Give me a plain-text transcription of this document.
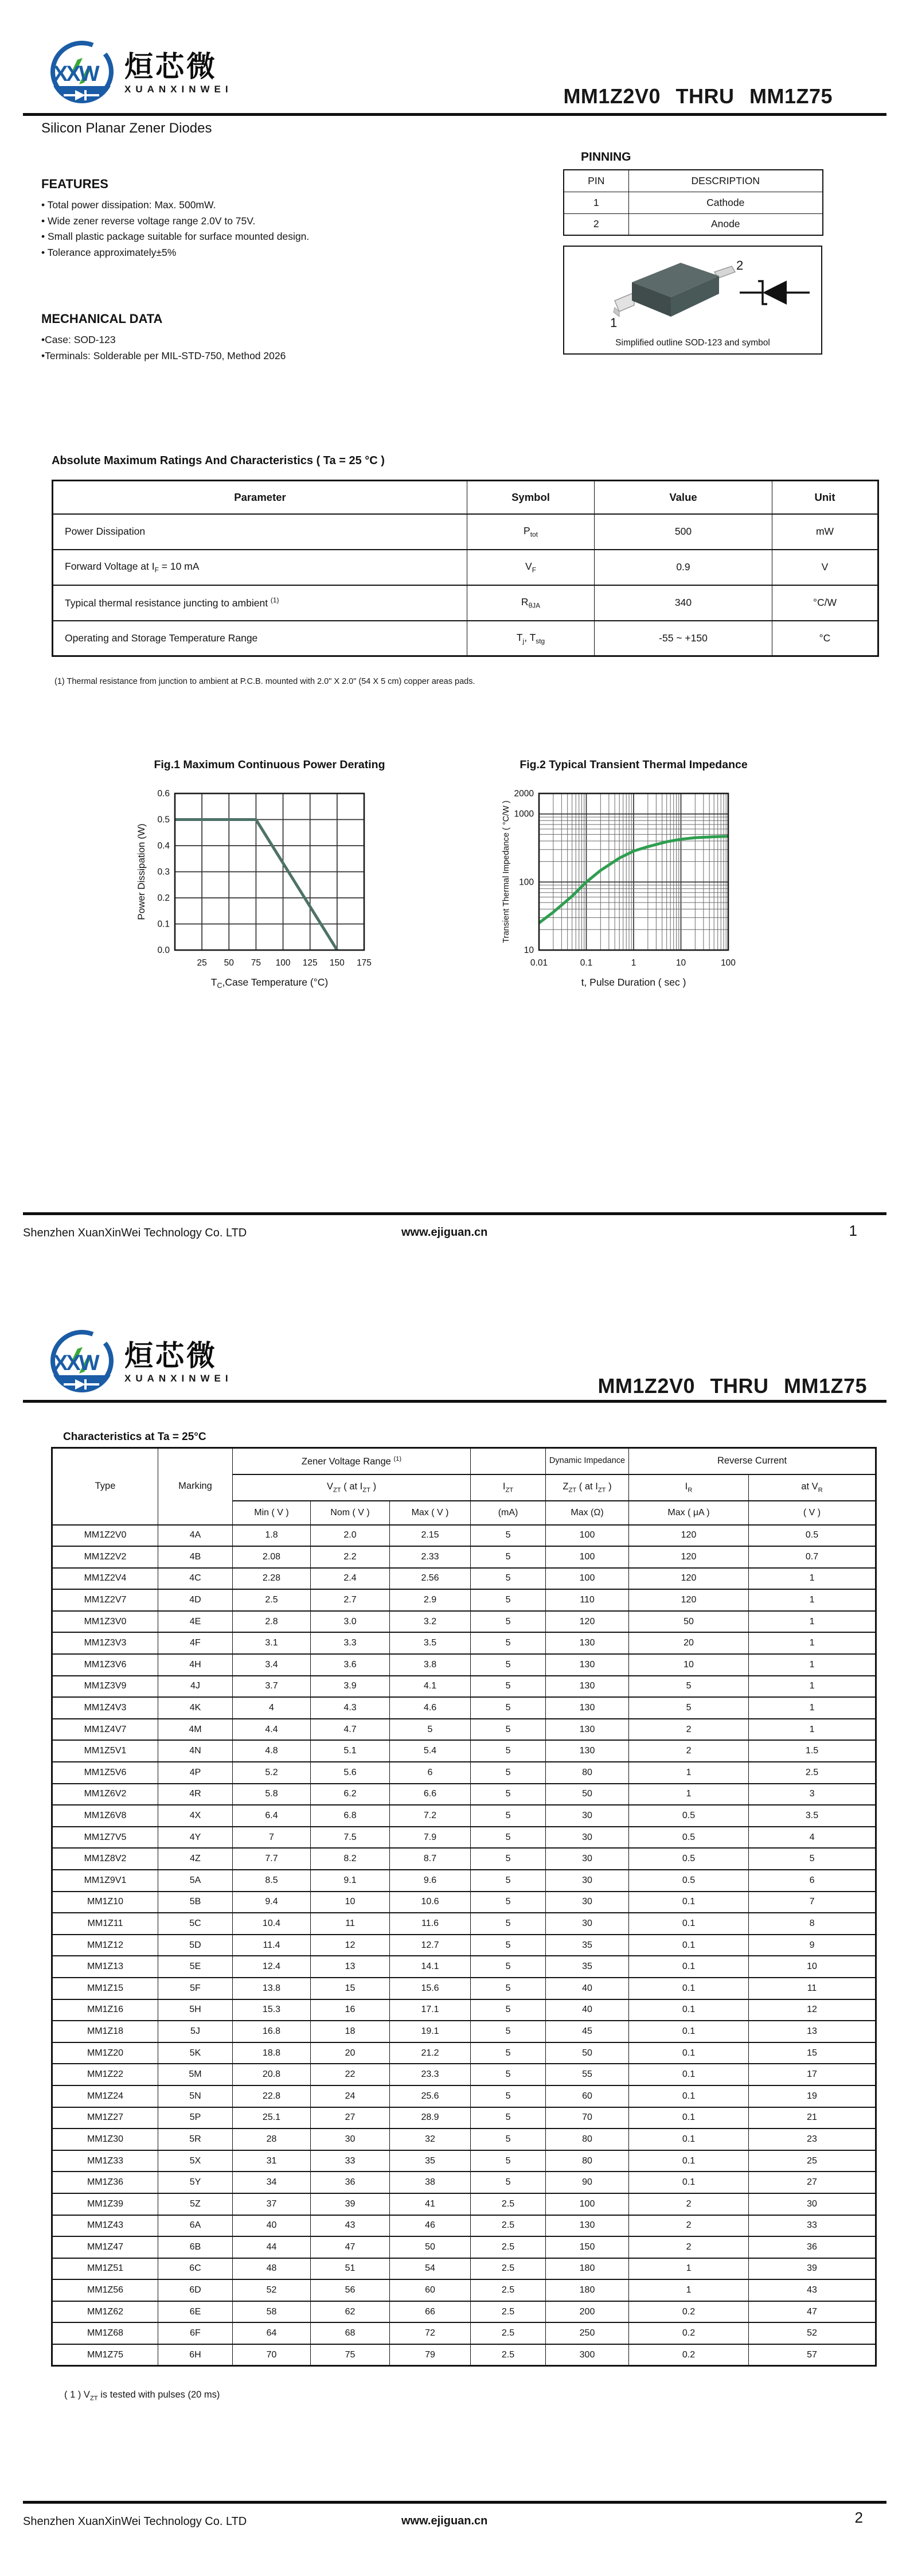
XXW 烜芯微
XUANXINWEI	MM1Z2V0 THRU MM1Z75
Silicon Planar Zener Diodes
FEATURES
• Total power dissipation: Max. 500mW.
• Wide zener reverse voltage range 2.0V to 75V.
• Small plastic package suitable for surface mounted design.
• Tolerance approximately±5%
MECHANICAL DATA
•Case: SOD-123
•Terminals: Solderable per MIL-STD-750, Method 2026
PINNING
PIN	DESCRIPTION
1	Cathode
2	Anode
2
1
Simplified outline SOD-123 and symbol
Absolute Maximum Ratings And Characteristics ( Ta = 25 °C )
Parameter	Symbol	Value	Unit
Power Dissipation	$P_{tot}$	500	mW
Forward Voltage at $I_F = 10$ mA	$V_F$	0.9	V
Typical thermal resistance juncting to ambient $^{(1)}$	$R_{\theta JA}$	340	°C/W
Operating and Storage Temperature Range	$T_j$, $T_{stg}$	-55 ~ +150	°C
(1) Thermal resistance from junction to ambient at P.C.B. mounted with 2.0" X 2.0" (54 X 5 cm) copper areas pads.
Fig.1 Maximum Continuous Power Derating
25 50 75 100 125 150 175
0.0
0.1
0.2
0.3
0.4
0.5
0.6
$T_C,Case$ Temperature (°C)
Power Dissipation (W)
Fig.2 Typical Transient Thermal Impedance
0.01	0.1	1	10	100
10
100
1000
2000
t, Pulse Duration ( sec )
Transient Thermal Impedance ( °C/W )
Shenzhen XuanXinWei Technology Co. LTD	www.ejiguan.cn	1
XXW 烜芯微
XUANXINWEI	MM1Z2V0 THRU MM1Z75
Characteristics at Ta = 25°C
Type	Marking	Zener Voltage Range $^{(1)}$				Dynamic Impedance	Reverse Current	
		$V_{ZT}$ ( at $I_{ZT}$ )			$I_{ZT}$	$Z_{ZT}$ ( at $I_{ZT}$ )	$I_R$	at $V_R$
		Min ( V )	Nom ( V )	Max ( V )	(mA)	Max (Ω)	Max ( μA )	( V )
MM1Z2V0	4A	1.8	2.0	2.15	5	100	120	0.5
MM1Z2V2	4B	2.08	2.2	2.33	5	100	120	0.7
MM1Z2V4	4C	2.28	2.4	2.56	5	100	120	1
MM1Z2V7	4D	2.5	2.7	2.9	5	110	120	1
MM1Z3V0	4E	2.8	3.0	3.2	5	120	50	1
MM1Z3V3	4F	3.1	3.3	3.5	5	130	20	1
MM1Z3V6	4H	3.4	3.6	3.8	5	130	10	1
MM1Z3V9	4J	3.7	3.9	4.1	5	130	5	1
MM1Z4V3	4K	4	4.3	4.6	5	130	5	1
MM1Z4V7	4M	4.4	4.7	5	5	130	2	1
MM1Z5V1	4N	4.8	5.1	5.4	5	130	2	1.5
MM1Z5V6	4P	5.2	5.6	6	5	80	1	2.5
MM1Z6V2	4R	5.8	6.2	6.6	5	50	1	3
MM1Z6V8	4X	6.4	6.8	7.2	5	30	0.5	3.5
MM1Z7V5	4Y	7	7.5	7.9	5	30	0.5	4
MM1Z8V2	4Z	7.7	8.2	8.7	5	30	0.5	5
MM1Z9V1	5A	8.5	9.1	9.6	5	30	0.5	6
MM1Z10	5B	9.4	10	10.6	5	30	0.1	7
MM1Z11	5C	10.4	11	11.6	5	30	0.1	8
MM1Z12	5D	11.4	12	12.7	5	35	0.1	9
MM1Z13	5E	12.4	13	14.1	5	35	0.1	10
MM1Z15	5F	13.8	15	15.6	5	40	0.1	11
MM1Z16	5H	15.3	16	17.1	5	40	0.1	12
MM1Z18	5J	16.8	18	19.1	5	45	0.1	13
MM1Z20	5K	18.8	20	21.2	5	50	0.1	15
MM1Z22	5M	20.8	22	23.3	5	55	0.1	17
MM1Z24	5N	22.8	24	25.6	5	60	0.1	19
MM1Z27	5P	25.1	27	28.9	5	70	0.1	21
MM1Z30	5R	28	30	32	5	80	0.1	23
MM1Z33	5X	31	33	35	5	80	0.1	25
MM1Z36	5Y	34	36	38	5	90	0.1	27
MM1Z39	5Z	37	39	41	2.5	100	2	30
MM1Z43	6A	40	43	46	2.5	130	2	33
MM1Z47	6B	44	47	50	2.5	150	2	36
MM1Z51	6C	48	51	54	2.5	180	1	39
MM1Z56	6D	52	56	60	2.5	180	1	43
MM1Z62	6E	58	62	66	2.5	200	0.2	47
MM1Z68	6F	64	68	72	2.5	250	0.2	52
MM1Z75	6H	70	75	79	2.5	300	0.2	57
( 1 ) $V_{ZT}$ is tested with pulses (20 ms)
Shenzhen XuanXinWei Technology Co. LTD	www.ejiguan.cn	2
